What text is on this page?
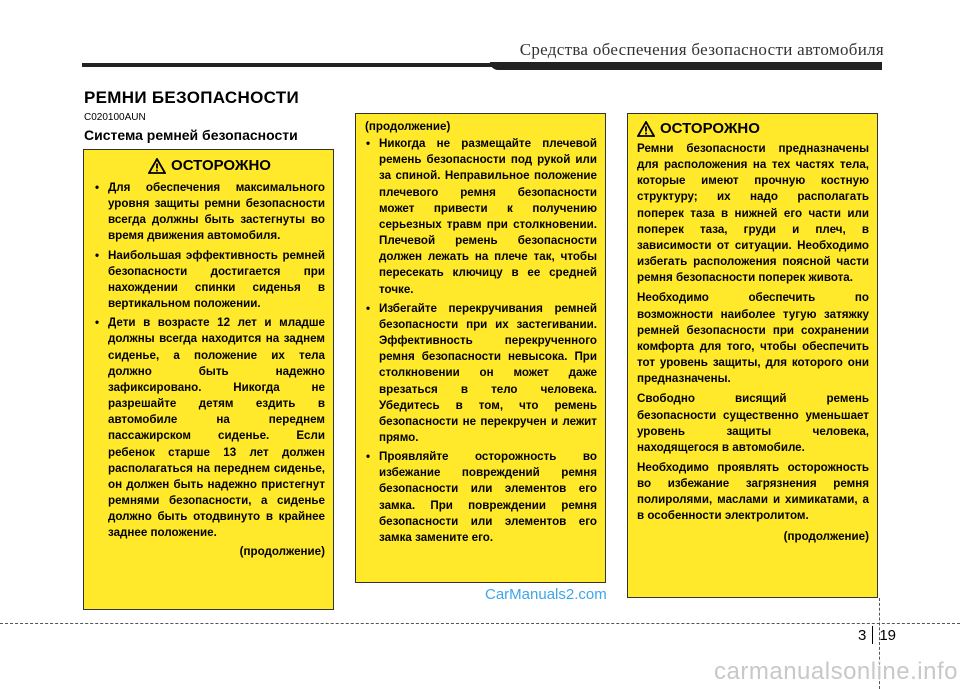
Средства обеспечения безопасности автомобиля
РЕМНИ БЕЗОПАСНОСТИ
C020100AUN
Система ремней безопасности
ОСТОРОЖНО
• Для обеспечения максимального уровня защиты ремни безопасности всегда должны быть застегнуты во время движения автомобиля.
• Наибольшая эффективность ремней безопасности достигается при нахождении спинки сиденья в вертикальном положении.
• Дети в возрасте 12 лет и младше должны всегда находится на заднем сиденье, а положение их тела должно быть надежно зафиксировано. Никогда не разрешайте детям ездить в автомобиле на переднем пассажирском сиденье. Если ребенок старше 13 лет должен располагаться на переднем сиденье, он должен быть надежно пристегнут ремнями безопасности, а сиденье должно быть отодвинуто в крайнее заднее положение.
(продолжение)
(продолжение)
• Никогда не размещайте плечевой ремень безопасности под рукой или за спиной. Неправильное положение плечевого ремня безопасности может привести к получению серьезных травм при столкновении. Плечевой ремень безопасности должен лежать на плече так, чтобы пересекать ключицу в ее средней точке.
• Избегайте перекручивания ремней безопасности при их застегивании. Эффективность перекрученного ремня безопасности невысока. При столкновении он может даже врезаться в тело человека. Убедитесь в том, что ремень безопасности не перекручен и лежит прямо.
• Проявляйте осторожность во избежание повреждений ремня безопасности или элементов его замка. При повреждении ремня безопасности или элементов его замка замените его.
ОСТОРОЖНО

Ремни безопасности предназначены для расположения на тех частях тела, которые имеют прочную костную структуру; их надо располагать поперек таза в нижней его части или поперек таза, груди и плеч, в зависимости от ситуации. Необходимо избегать расположения поясной части ремня безопасности поперек живота.

Необходимо обеспечить по возможности наиболее тугую затяжку ремней безопасности при сохранении комфорта для того, чтобы обеспечить тот уровень защиты, для которого они предназначены.

Свободно висящий ремень безопасности существенно уменьшает уровень защиты человека, находящегося в автомобиле.

Необходимо проявлять осторожность во избежание загрязнения ремня полиролями, маслами и химикатами, а в особенности электролитом.

(продолжение)
CarManuals2.com
3 19
carmanualsonline.info
